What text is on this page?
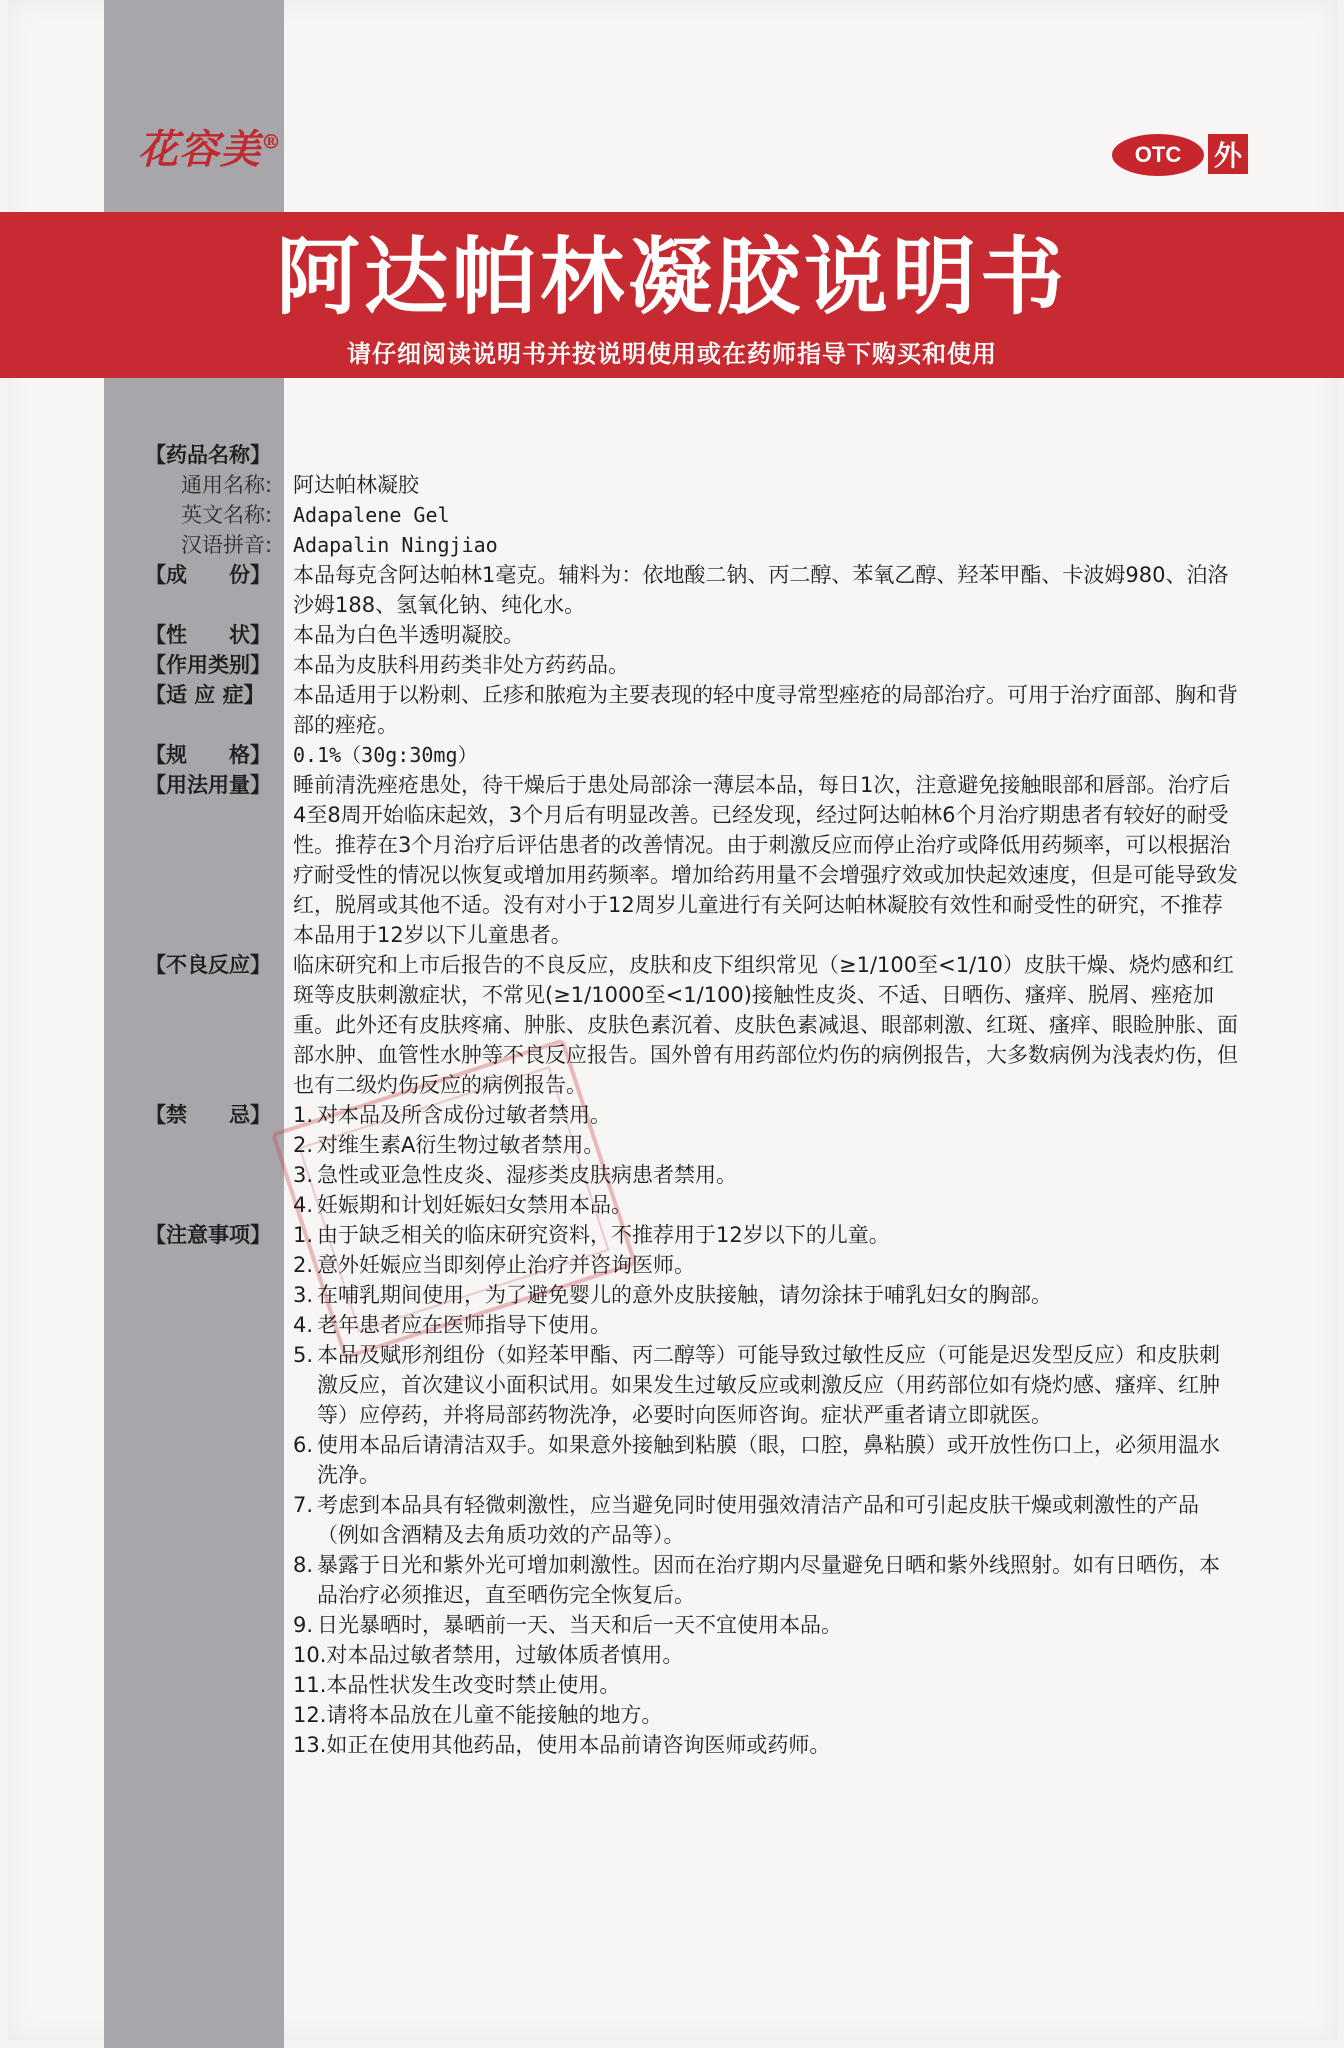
花容美®
OTC	外
阿达帕林凝胶说明书
请仔细阅读说明书并按说明使用或在药师指导下购买和使用
【药品名称】
通用名称: 阿达帕林凝胶
英文名称:	Adapalene Gel
汉语拼音:	Adapalin Ningjiao
【成　　份】	本品每克含阿达帕林1毫克。辅料为：依地酸二钠、丙二醇、苯氧乙醇、羟苯甲酯、卡波姆980、泊洛沙姆188、氢氧化钠、纯化水。
【性　　状】	本品为白色半透明凝胶。
【作用类别】	本品为皮肤科用药类非处方药药品。
【适 应 症】	本品适用于以粉刺、丘疹和脓疱为主要表现的轻中度寻常型痤疮的局部治疗。可用于治疗面部、胸和背部的痤疮。
【规　　格】	0.1%（30g:30mg）
【用法用量】	睡前清洗痤疮患处，待干燥后于患处局部涂一薄层本品，每日1次，注意避免接触眼部和唇部。治疗后4至8周开始临床起效，3个月后有明显改善。已经发现，经过阿达帕林6个月治疗期患者有较好的耐受性。推荐在3个月治疗后评估患者的改善情况。由于刺激反应而停止治疗或降低用药频率，可以根据治疗耐受性的情况以恢复或增加用药频率。增加给药用量不会增强疗效或加快起效速度，但是可能导致发红，脱屑或其他不适。没有对小于12周岁儿童进行有关阿达帕林凝胶有效性和耐受性的研究，不推荐本品用于12岁以下儿童患者。
【不良反应】	临床研究和上市后报告的不良反应，皮肤和皮下组织常见（≥1/100至<1/10）皮肤干燥、烧灼感和红斑等皮肤刺激症状，不常见(≥1/1000至<1/100)接触性皮炎、不适、日晒伤、瘙痒、脱屑、痤疮加重。此外还有皮肤疼痛、肿胀、皮肤色素沉着、皮肤色素减退、眼部刺激、红斑、瘙痒、眼睑肿胀、面部水肿、血管性水肿等不良反应报告。国外曾有用药部位灼伤的病例报告，大多数病例为浅表灼伤，但也有二级灼伤反应的病例报告。
【禁　　忌】	1. 对本品及所含成份过敏者禁用。
2. 对维生素A衍生物过敏者禁用。
3. 急性或亚急性皮炎、湿疹类皮肤病患者禁用。
4. 妊娠期和计划妊娠妇女禁用本品。
【注意事项】	1. 由于缺乏相关的临床研究资料，不推荐用于12岁以下的儿童。
2. 意外妊娠应当即刻停止治疗并咨询医师。
3. 在哺乳期间使用，为了避免婴儿的意外皮肤接触，请勿涂抹于哺乳妇女的胸部。
4. 老年患者应在医师指导下使用。
5. 本品及赋形剂组份（如羟苯甲酯、丙二醇等）可能导致过敏性反应（可能是迟发型反应）和皮肤刺激反应，首次建议小面积试用。如果发生过敏反应或刺激反应（用药部位如有烧灼感、瘙痒、红肿等）应停药，并将局部药物洗净，必要时向医师咨询。症状严重者请立即就医。
6. 使用本品后请清洁双手。如果意外接触到粘膜（眼，口腔，鼻粘膜）或开放性伤口上，必须用温水洗净。
7. 考虑到本品具有轻微刺激性，应当避免同时使用强效清洁产品和可引起皮肤干燥或刺激性的产品（例如含酒精及去角质功效的产品等）。
8. 暴露于日光和紫外光可增加刺激性。因而在治疗期内尽量避免日晒和紫外线照射。如有日晒伤，本品治疗必须推迟，直至晒伤完全恢复后。
9. 日光暴晒时，暴晒前一天、当天和后一天不宜使用本品。
10. 对本品过敏者禁用，过敏体质者慎用。
11. 本品性状发生改变时禁止使用。
12. 请将本品放在儿童不能接触的地方。
13. 如正在使用其他药品，使用本品前请咨询医师或药师。
